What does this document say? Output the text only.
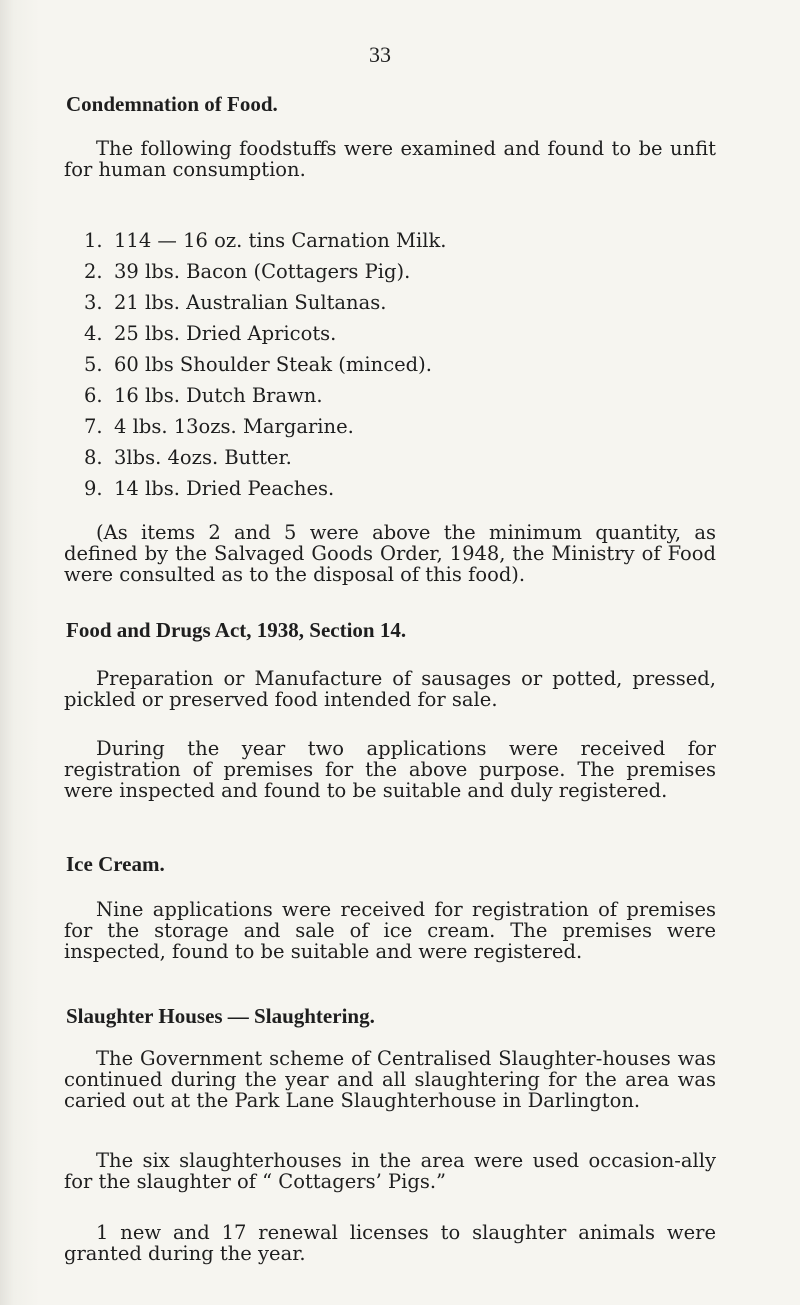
33
Condemnation of Food.

The following foodstuffs were examined and found to be unfit for human consumption.

1. 114 — 16 oz. tins Carnation Milk.
2. 39 lbs. Bacon (Cottagers Pig).
3. 21 lbs. Australian Sultanas.
4. 25 lbs. Dried Apricots.
5. 60 lbs Shoulder Steak (minced).
6. 16 lbs. Dutch Brawn.
7. 4 lbs. 13ozs. Margarine.
8. 3lbs. 4ozs. Butter.
9. 14 lbs. Dried Peaches.

(As items 2 and 5 were above the minimum quantity, as defined by the Salvaged Goods Order, 1948, the Ministry of Food were consulted as to the disposal of this food).

Food and Drugs Act, 1938, Section 14.

Preparation or Manufacture of sausages or potted, pressed, pickled or preserved food intended for sale.

During the year two applications were received for registration of premises for the above purpose. The premises were inspected and found to be suitable and duly registered.

Ice Cream.

Nine applications were received for registration of premises for the storage and sale of ice cream. The premises were inspected, found to be suitable and were registered.

Slaughter Houses — Slaughtering.

The Government scheme of Centralised Slaughter-houses was continued during the year and all slaughtering for the area was caried out at the Park Lane Slaughterhouse in Darlington.

The six slaughterhouses in the area were used occasion-ally for the slaughter of “ Cottagers’ Pigs.”

1 new and 17 renewal licenses to slaughter animals were granted during the year.
